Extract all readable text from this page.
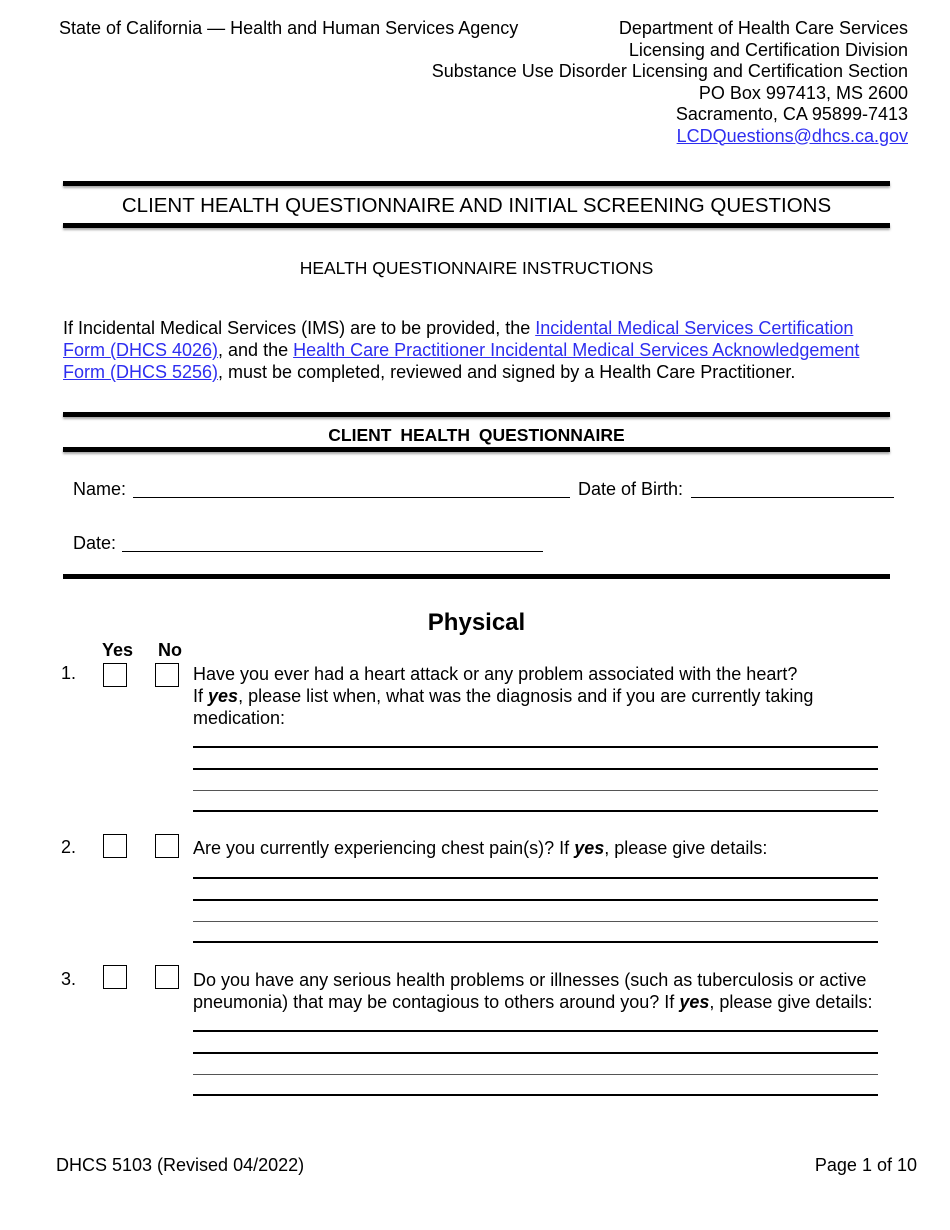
State of California — Health and Human Services Agency	Department of Health Care Services
Licensing and Certification Division
Substance Use Disorder Licensing and Certification Section
PO Box 997413, MS 2600
Sacramento, CA 95899-7413
LCDQuestions@dhcs.ca.gov
CLIENT HEALTH QUESTIONNAIRE AND INITIAL SCREENING QUESTIONS
HEALTH QUESTIONNAIRE INSTRUCTIONS
If Incidental Medical Services (IMS) are to be provided, the Incidental Medical Services Certification Form (DHCS 4026), and the Health Care Practitioner Incidental Medical Services Acknowledgement Form (DHCS 5256), must be completed, reviewed and signed by a Health Care Practitioner.
CLIENT HEALTH QUESTIONNAIRE
Name:	Date of Birth:
Date:
Physical
Yes No
1.	Have you ever had a heart attack or any problem associated with the heart?
If yes, please list when, what was the diagnosis and if you are currently taking medication:
2.	Are you currently experiencing chest pain(s)? If yes, please give details:
3.	Do you have any serious health problems or illnesses (such as tuberculosis or active pneumonia) that may be contagious to others around you? If yes, please give details:
DHCS 5103 (Revised 04/2022)	Page 1 of 10
